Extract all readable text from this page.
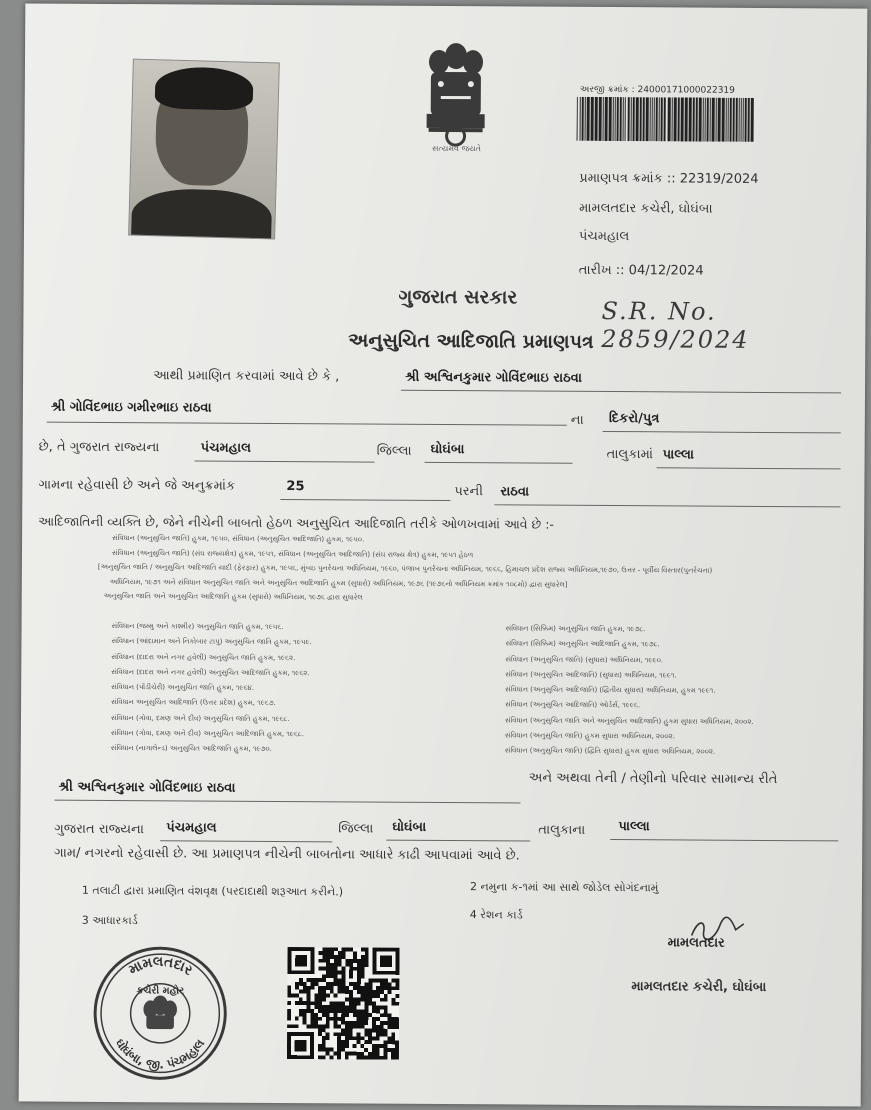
સત્યમેવ જયતે
અરજી ક્રમાંક : 24000171000022319
પ્રમાણપત્ર ક્રમાંક :: 22319/2024
મામલતદાર કચેરી, ઘોઘંબા
પંચમહાલ
તારીખ :: 04/12/2024
ગુજરાત સરકાર	S.R. No. 2859/2024
અનુસુચિત આદિજાતિ પ્રમાણપત્ર
આથી પ્રમાણિત કરવામાં આવે છે કે ,	શ્રી અશ્વિનકુમાર ગોવિંદભાઇ રાઠવા
શ્રી ગોવિંદભાઇ ગમીરભાઇ રાઠવા
ના દિકરો/પુત્ર
છે, તે ગુજરાત રાજ્યના	પંચમહાલ	જિલ્લા ઘોઘંબા	તાલુકામાં પાલ્લા
ગામના રહેવાસી છે અને જે અનુક્રમાંક	25	પરની રાઠવા
આદિજાતિની વ્યક્તિ છે, જેને નીચેની બાબતો હેઠળ અનુસુચિત આદિજાતિ તરીકે ઓળખવામાં આવે છે :-
સંવિધાન (અનુસુચિત જાતિ) હુકમ, ૧૯૫૦, સંવિધાન (અનુસુચિત આદિજાતિ) હુકમ, ૧૯૫૦.
સંવિધાન (અનુસુચિત જાતિ) (સંઘ રાજ્યક્ષેત્ર) હુકમ, ૧૯૫૧, સંવિધાન (અનુસુચિત આદિજાતિ) (સંઘ રાજ્ય ક્ષેત્ર) હુકમ, ૧૯૫૧ હેઠળ
[અનુસુચિત જાતિ / અનુસુચિત આદિજાતિ યાદી (ફેરફાર) હુકમ, ૧૯૫૬, મુંબઇ પુનર્રચના અધિનિયમ, ૧૯૬૦, પંજાબ પુનર્રચના અધિનિયમ, ૧૯૬૬, હિમાચલ પ્રદેશ રાજ્ય અધિનિયમ,૧૯૭૦, ઉત્તર - પૂર્વીય વિસ્તાર(પુનર્રચના)
અધિનિયમ, ૧૯૭૧ અને સંવિધાન અનુસુચિત જાતિ અને અનુસુચિત આદિજાતિ હુકમ (સુધારો) અધિનિયમ, ૧૯૭૬ (૧૯૭૬નો અધિનિયમ ક્રમાંક ૧૦૮મો) દ્વારા સુધારેલ]
અનુસુચિત જાતિ અને અનુસુચિત આદિજાતિ હુકમ (સુધારો) અધિનિયમ, ૧૯૭૬ દ્વારા સુધારેલ
સંવિધાન (જમ્મુ અને કાશ્મીર) અનુસુચિત જાતિ હુકમ, ૧૯૫૬.
સંવિધાન (આંદામાન અને નિકોબાર ટાપુ) અનુસુચિત જાતિ હુકમ, ૧૯૫૯.
સંવિધાન (દાદરા અને નગર હવેલી) અનુસુચિત જાતિ હુકમ, ૧૯૬૨.
સંવિધાન (દાદરા અને નગર હવેલી) અનુસુચિત આદિજાતિ હુકમ, ૧૯૬૨.
સંવિધાન (પોંડીચેરી) અનુસુચિત જાતિ હુકમ, ૧૯૬૪.
સંવિધાન અનુસુચિત આદિજાતિ (ઉત્તર પ્રદેશ) હુકમ, ૧૯૬૭.
સંવિધાન (ગોવા, દમણ અને દીવ) અનુસુચિત જાતિ હુકમ, ૧૯૬૮.
સંવિધાન (ગોવા, દમણ અને દીવ) અનુસુચિત આદિજાતિ હુકમ, ૧૯૬૮.
સંવિધાન (નાગાલેન્ડ) અનુસુચિત આદિજાતિ હુકમ, ૧૯૭૦.
સંવિધાન (સિક્કિમ) અનુસુચિત જાતિ હુકમ, ૧૯૭૮.
સંવિધાન (સિક્કિમ) અનુસુચિત આદિજાતિ હુકમ, ૧૯૭૮.
સંવિધાન (અનુસુચિત જાતિ) (સુધારા) અધિનિયમ, ૧૯૯૦.
સંવિધાન (અનુસુચિત આદિજાતિ) (સુધારા) અધિનિયમ, ૧૯૯૧.
સંવિધાન (અનુસુચિત આદિજાતિ) (દ્વિતીય સુધારા) અધિનિયમ, હુકમ ૧૯૯૧.
સંવિધાન (અનુસુચિત આદિજાતિ) ઓર્ડર્સ, ૧૯૯૬.
સંવિધાન (અનુસુચિત જાતિ અને અનુસુચિત આદિજાતિ) હુકમ સુધારા અધિનિયમ, ૨૦૦૨.
સંવિધાન (અનુસુચિત જાતિ) હુકમ સુધારા અધિનિયમ, ૨૦૦૨.
સંવિધાન (અનુસુચિત જાતિ) (દ્વિતિ સુધારા) હુકમ સુધારા અધિનિયમ, ૨૦૦૨.
શ્રી અશ્વિનકુમાર ગોવિંદભાઇ રાઠવા
અને અથવા તેની / તેણીનો પરિવાર સામાન્ય રીતે
ગુજરાત રાજ્યના પંચમહાલ	જિલ્લા ઘોઘંબા	તાલુકાના	પાલ્લા
ગામ/ નગરનો રહેવાસી છે. આ પ્રમાણપત્ર નીચેની બાબતોના આધારે કાઢી આપવામાં આવે છે.
1 તલાટી દ્વારા પ્રમાણિત વંશવૃક્ષ (પરદાદાથી શરૂઆત કરીને.)	2 નમુના ક-૧માં આ સાથે જોડેલ સોગંદનામું
3 આધારકાર્ડ	4 રેશન કાર્ડ
મામલતદાર
મામલતદાર કચેરી, ઘોઘંબા
મામલતદાર
ઘોઘંબા, જી. પંચમહાલ
કચેરી મહોર
